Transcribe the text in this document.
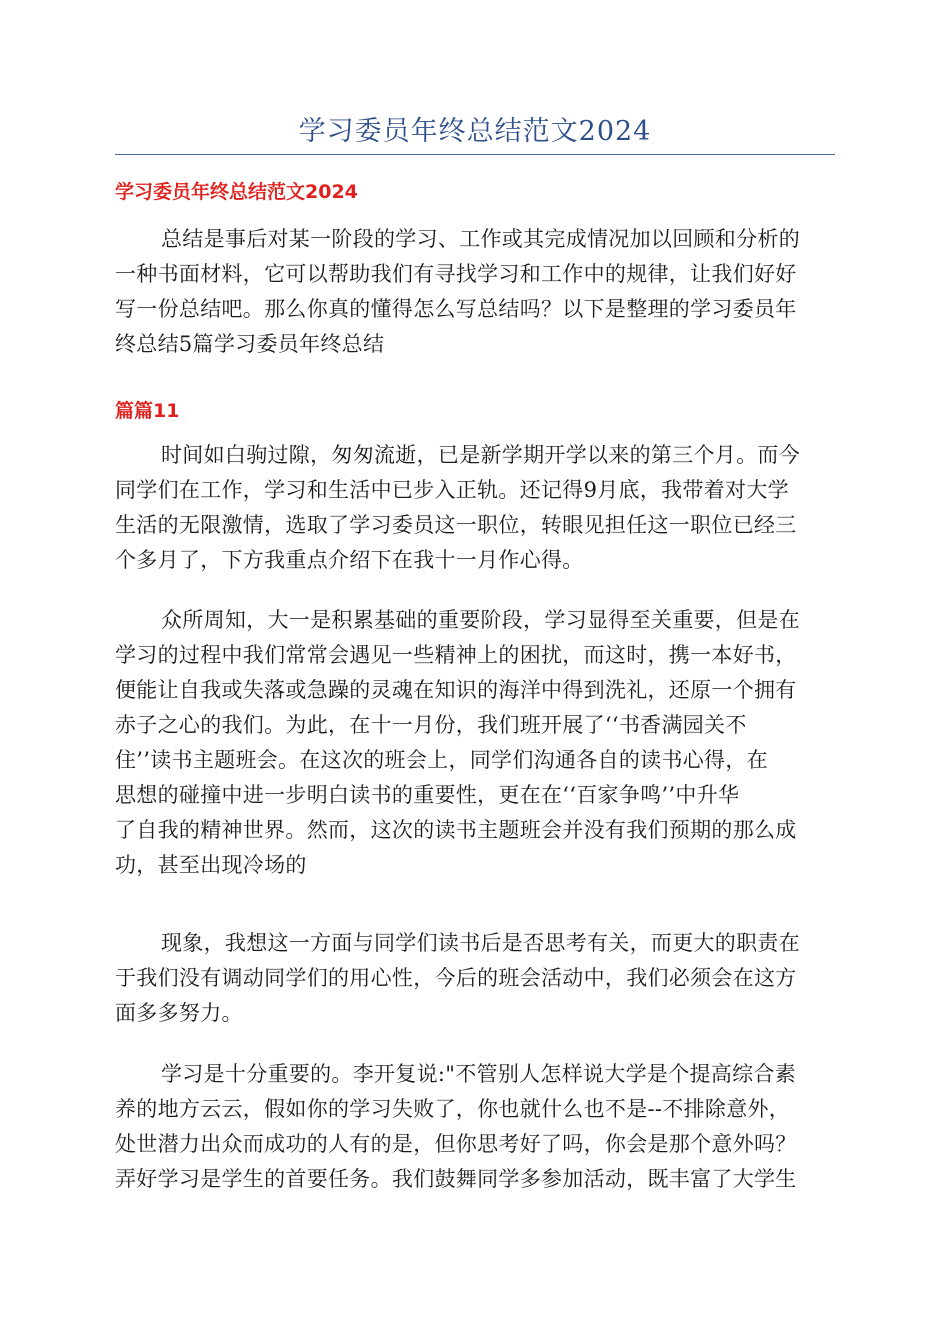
学习委员年终总结范文2024
学习委员年终总结范文2024
总结是事后对某一阶段的学习、工作或其完成情况加以回顾和分析的
一种书面材料，它可以帮助我们有寻找学习和工作中的规律，让我们好好
写一份总结吧。那么你真的懂得怎么写总结吗？以下是整理的学习委员年
终总结5篇学习委员年终总结
篇篇11
时间如白驹过隙，匆匆流逝，已是新学期开学以来的第三个月。而今
同学们在工作，学习和生活中已步入正轨。还记得9月底，我带着对大学
生活的无限激情，选取了学习委员这一职位，转眼见担任这一职位已经三
个多月了，下方我重点介绍下在我十一月作心得。
众所周知，大一是积累基础的重要阶段，学习显得至关重要，但是在
学习的过程中我们常常会遇见一些精神上的困扰，而这时，携一本好书，
便能让自我或失落或急躁的灵魂在知识的海洋中得到洗礼，还原一个拥有
赤子之心的我们。为此，在十一月份，我们班开展了‘‘书香满园关不
住’’读书主题班会。在这次的班会上，同学们沟通各自的读书心得，在
思想的碰撞中进一步明白读书的重要性，更在在‘‘百家争鸣’’中升华
了自我的精神世界。然而，这次的读书主题班会并没有我们预期的那么成
功，甚至出现冷场的
现象，我想这一方面与同学们读书后是否思考有关，而更大的职责在
于我们没有调动同学们的用心性，今后的班会活动中，我们必须会在这方
面多多努力。
学习是十分重要的。李开复说:"不管别人怎样说大学是个提高综合素
养的地方云云，假如你的学习失败了，你也就什么也不是--不排除意外，
处世潜力出众而成功的人有的是，但你思考好了吗，你会是那个意外吗？
弄好学习是学生的首要任务。我们鼓舞同学多参加活动，既丰富了大学生
